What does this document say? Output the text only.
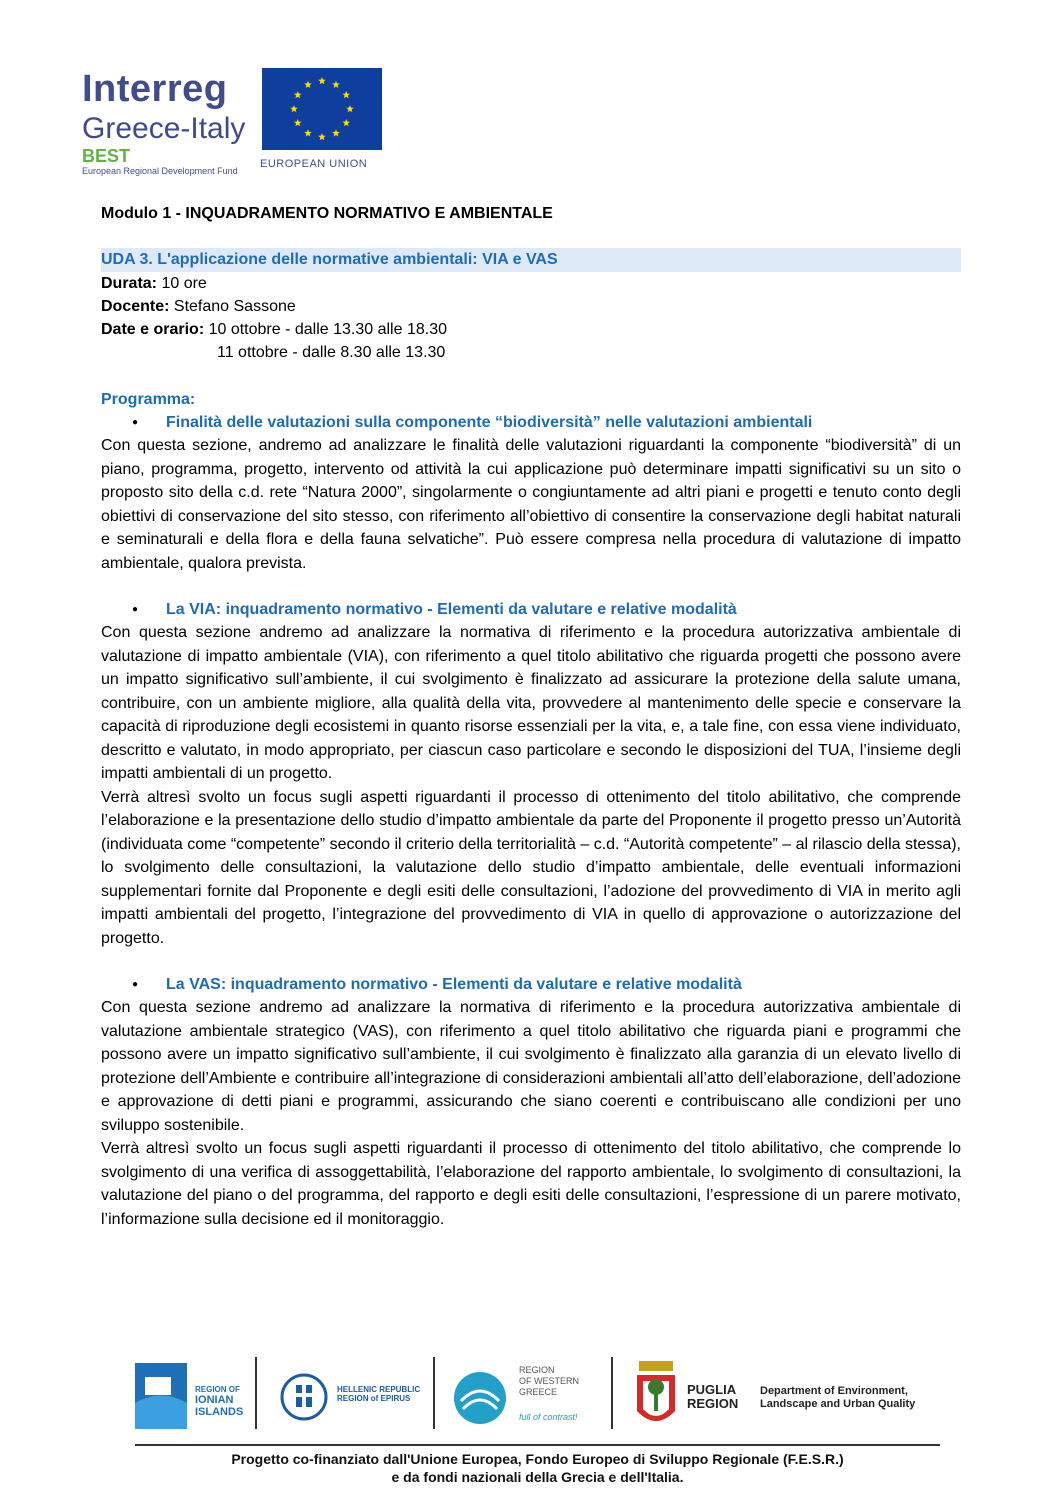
Interreg
Greece-Italy
BEST
European Regional Development Fund
EUROPEAN UNION
Modulo 1 - INQUADRAMENTO NORMATIVO E AMBIENTALE
UDA 3. L'applicazione delle normative ambientali: VIA e VAS
Durata: 10 ore
Docente: Stefano Sassone
Date e orario: 10 ottobre - dalle 13.30 alle 18.30
11 ottobre - dalle 8.30 alle 13.30
Programma:
●	Finalità delle valutazioni sulla componente “biodiversità” nelle valutazioni ambientali

Con questa sezione, andremo ad analizzare le finalità delle valutazioni riguardanti la componente “biodiversità” di un piano, programma, progetto, intervento od attività la cui applicazione può determinare impatti significativi su un sito o proposto sito della c.d. rete “Natura 2000”, singolarmente o congiuntamente ad altri piani e progetti e tenuto conto degli obiettivi di conservazione del sito stesso, con riferimento all’obiettivo di consentire la conservazione degli habitat naturali e seminaturali e della flora e della fauna selvatiche”. Può essere compresa nella procedura di valutazione di impatto ambientale, qualora prevista.

●	La VIA: inquadramento normativo - Elementi da valutare e relative modalità

Con questa sezione andremo ad analizzare la normativa di riferimento e la procedura autorizzativa ambientale di valutazione di impatto ambientale (VIA), con riferimento a quel titolo abilitativo che riguarda progetti che possono avere un impatto significativo sull’ambiente, il cui svolgimento è finalizzato ad assicurare la protezione della salute umana, contribuire, con un ambiente migliore, alla qualità della vita, provvedere al mantenimento delle specie e conservare la capacità di riproduzione degli ecosistemi in quanto risorse essenziali per la vita, e, a tale fine, con essa viene individuato, descritto e valutato, in modo appropriato, per ciascun caso particolare e secondo le disposizioni del TUA, l’insieme degli impatti ambientali di un progetto.

Verrà altresì svolto un focus sugli aspetti riguardanti il processo di ottenimento del titolo abilitativo, che comprende l’elaborazione e la presentazione dello studio d’impatto ambientale da parte del Proponente il progetto presso un’Autorità (individuata come “competente” secondo il criterio della territorialità – c.d. “Autorità competente” – al rilascio della stessa), lo svolgimento delle consultazioni, la valutazione dello studio d’impatto ambientale, delle eventuali informazioni supplementari fornite dal Proponente e degli esiti delle consultazioni, l’adozione del provvedimento di VIA in merito agli impatti ambientali del progetto, l’integrazione del provvedimento di VIA in quello di approvazione o autorizzazione del progetto.

●	La VAS: inquadramento normativo - Elementi da valutare e relative modalità

Con questa sezione andremo ad analizzare la normativa di riferimento e la procedura autorizzativa ambientale di valutazione ambientale strategico (VAS), con riferimento a quel titolo abilitativo che riguarda piani e programmi che possono avere un impatto significativo sull’ambiente, il cui svolgimento è finalizzato alla garanzia di un elevato livello di protezione dell’Ambiente e contribuire all’integrazione di considerazioni ambientali all’atto dell’elaborazione, dell’adozione e approvazione di detti piani e programmi, assicurando che siano coerenti e contribuiscano alle condizioni per uno sviluppo sostenibile.

Verrà altresì svolto un focus sugli aspetti riguardanti il processo di ottenimento del titolo abilitativo, che comprende lo svolgimento di una verifica di assoggettabilità, l’elaborazione del rapporto ambientale, lo svolgimento di consultazioni, la valutazione del piano o del programma, del rapporto e degli esiti delle consultazioni, l’espressione di un parere motivato, l’informazione sulla decisione ed il monitoraggio.

REGION OF
IONIAN
ISLANDS
HELLENIC REPUBLIC
REGION of EPIRUS
REGION
OF WESTERN
GREECE
full of contrast!
PUGLIA
REGION
Department of Environment,
Landscape and Urban Quality
Progetto co-finanziato dall'Unione Europea, Fondo Europeo di Sviluppo Regionale (F.E.S.R.)
e da fondi nazionali della Grecia e dell'Italia.
